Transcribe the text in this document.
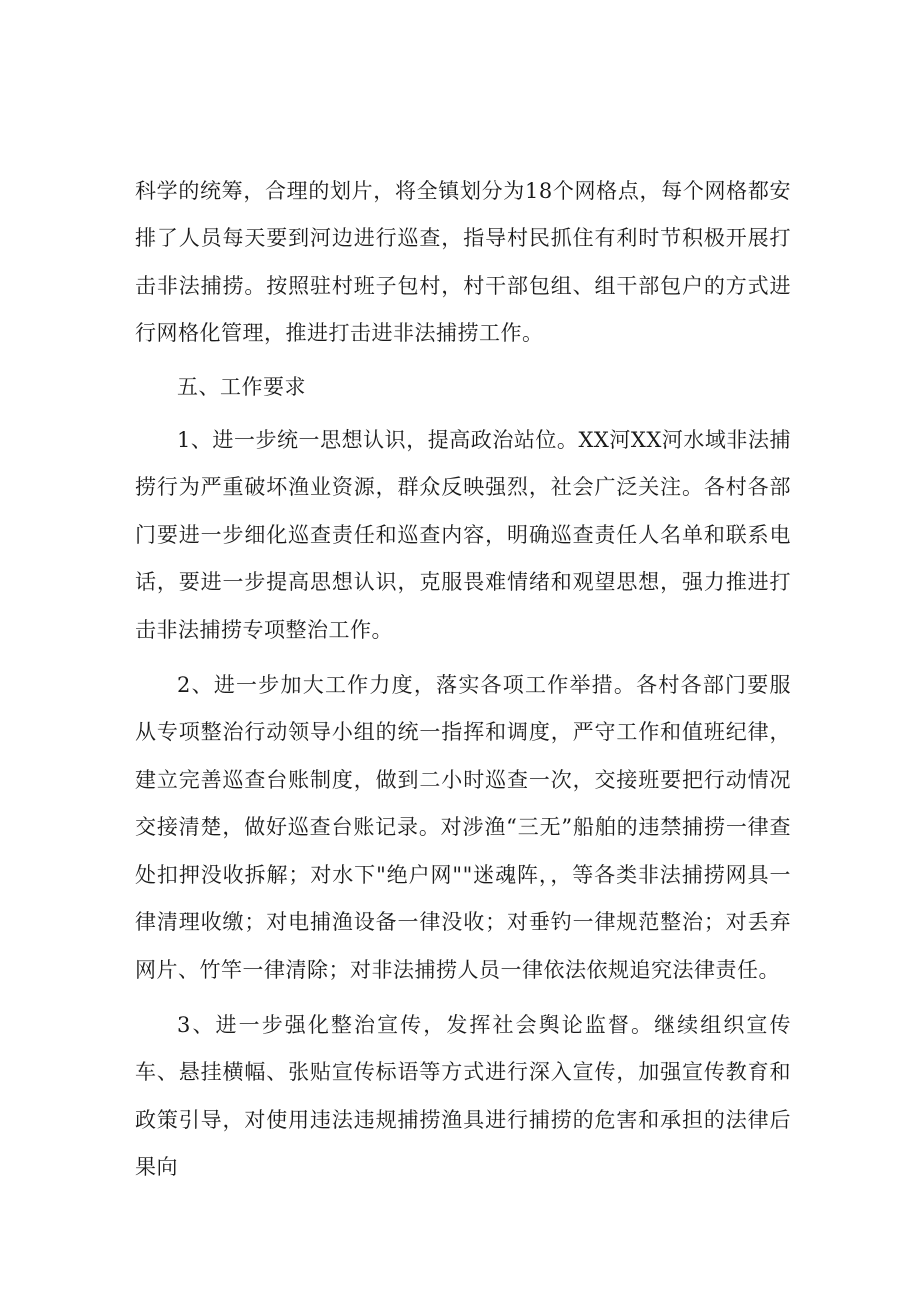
科学的统筹，合理的划片，将全镇划分为18个网格点，每个网格都安排了人员每天要到河边进行巡查，指导村民抓住有利时节积极开展打击非法捕捞。按照驻村班子包村，村干部包组、组干部包户的方式进行网格化管理，推进打击进非法捕捞工作。

五、工作要求

1、进一步统一思想认识，提高政治站位。XX河XX河水域非法捕捞行为严重破坏渔业资源，群众反映强烈，社会广泛关注。各村各部门要进一步细化巡查责任和巡查内容，明确巡查责任人名单和联系电话，要进一步提高思想认识，克服畏难情绪和观望思想，强力推进打击非法捕捞专项整治工作。

2、进一步加大工作力度，落实各项工作举措。各村各部门要服从专项整治行动领导小组的统一指挥和调度，严守工作和值班纪律，建立完善巡查台账制度，做到二小时巡查一次，交接班要把行动情况交接清楚，做好巡查台账记录。对涉渔“三无”船舶的违禁捕捞一律查处扣押没收拆解；对水下"绝户网""迷魂阵，，等各类非法捕捞网具一律清理收缴；对电捕渔设备一律没收；对垂钓一律规范整治；对丢弃网片、竹竿一律清除；对非法捕捞人员一律依法依规追究法律责任。

3、进一步强化整治宣传，发挥社会舆论监督。继续组织宣传车、悬挂横幅、张贴宣传标语等方式进行深入宣传，加强宣传教育和政策引导，对使用违法违规捕捞渔具进行捕捞的危害和承担的法律后果向
